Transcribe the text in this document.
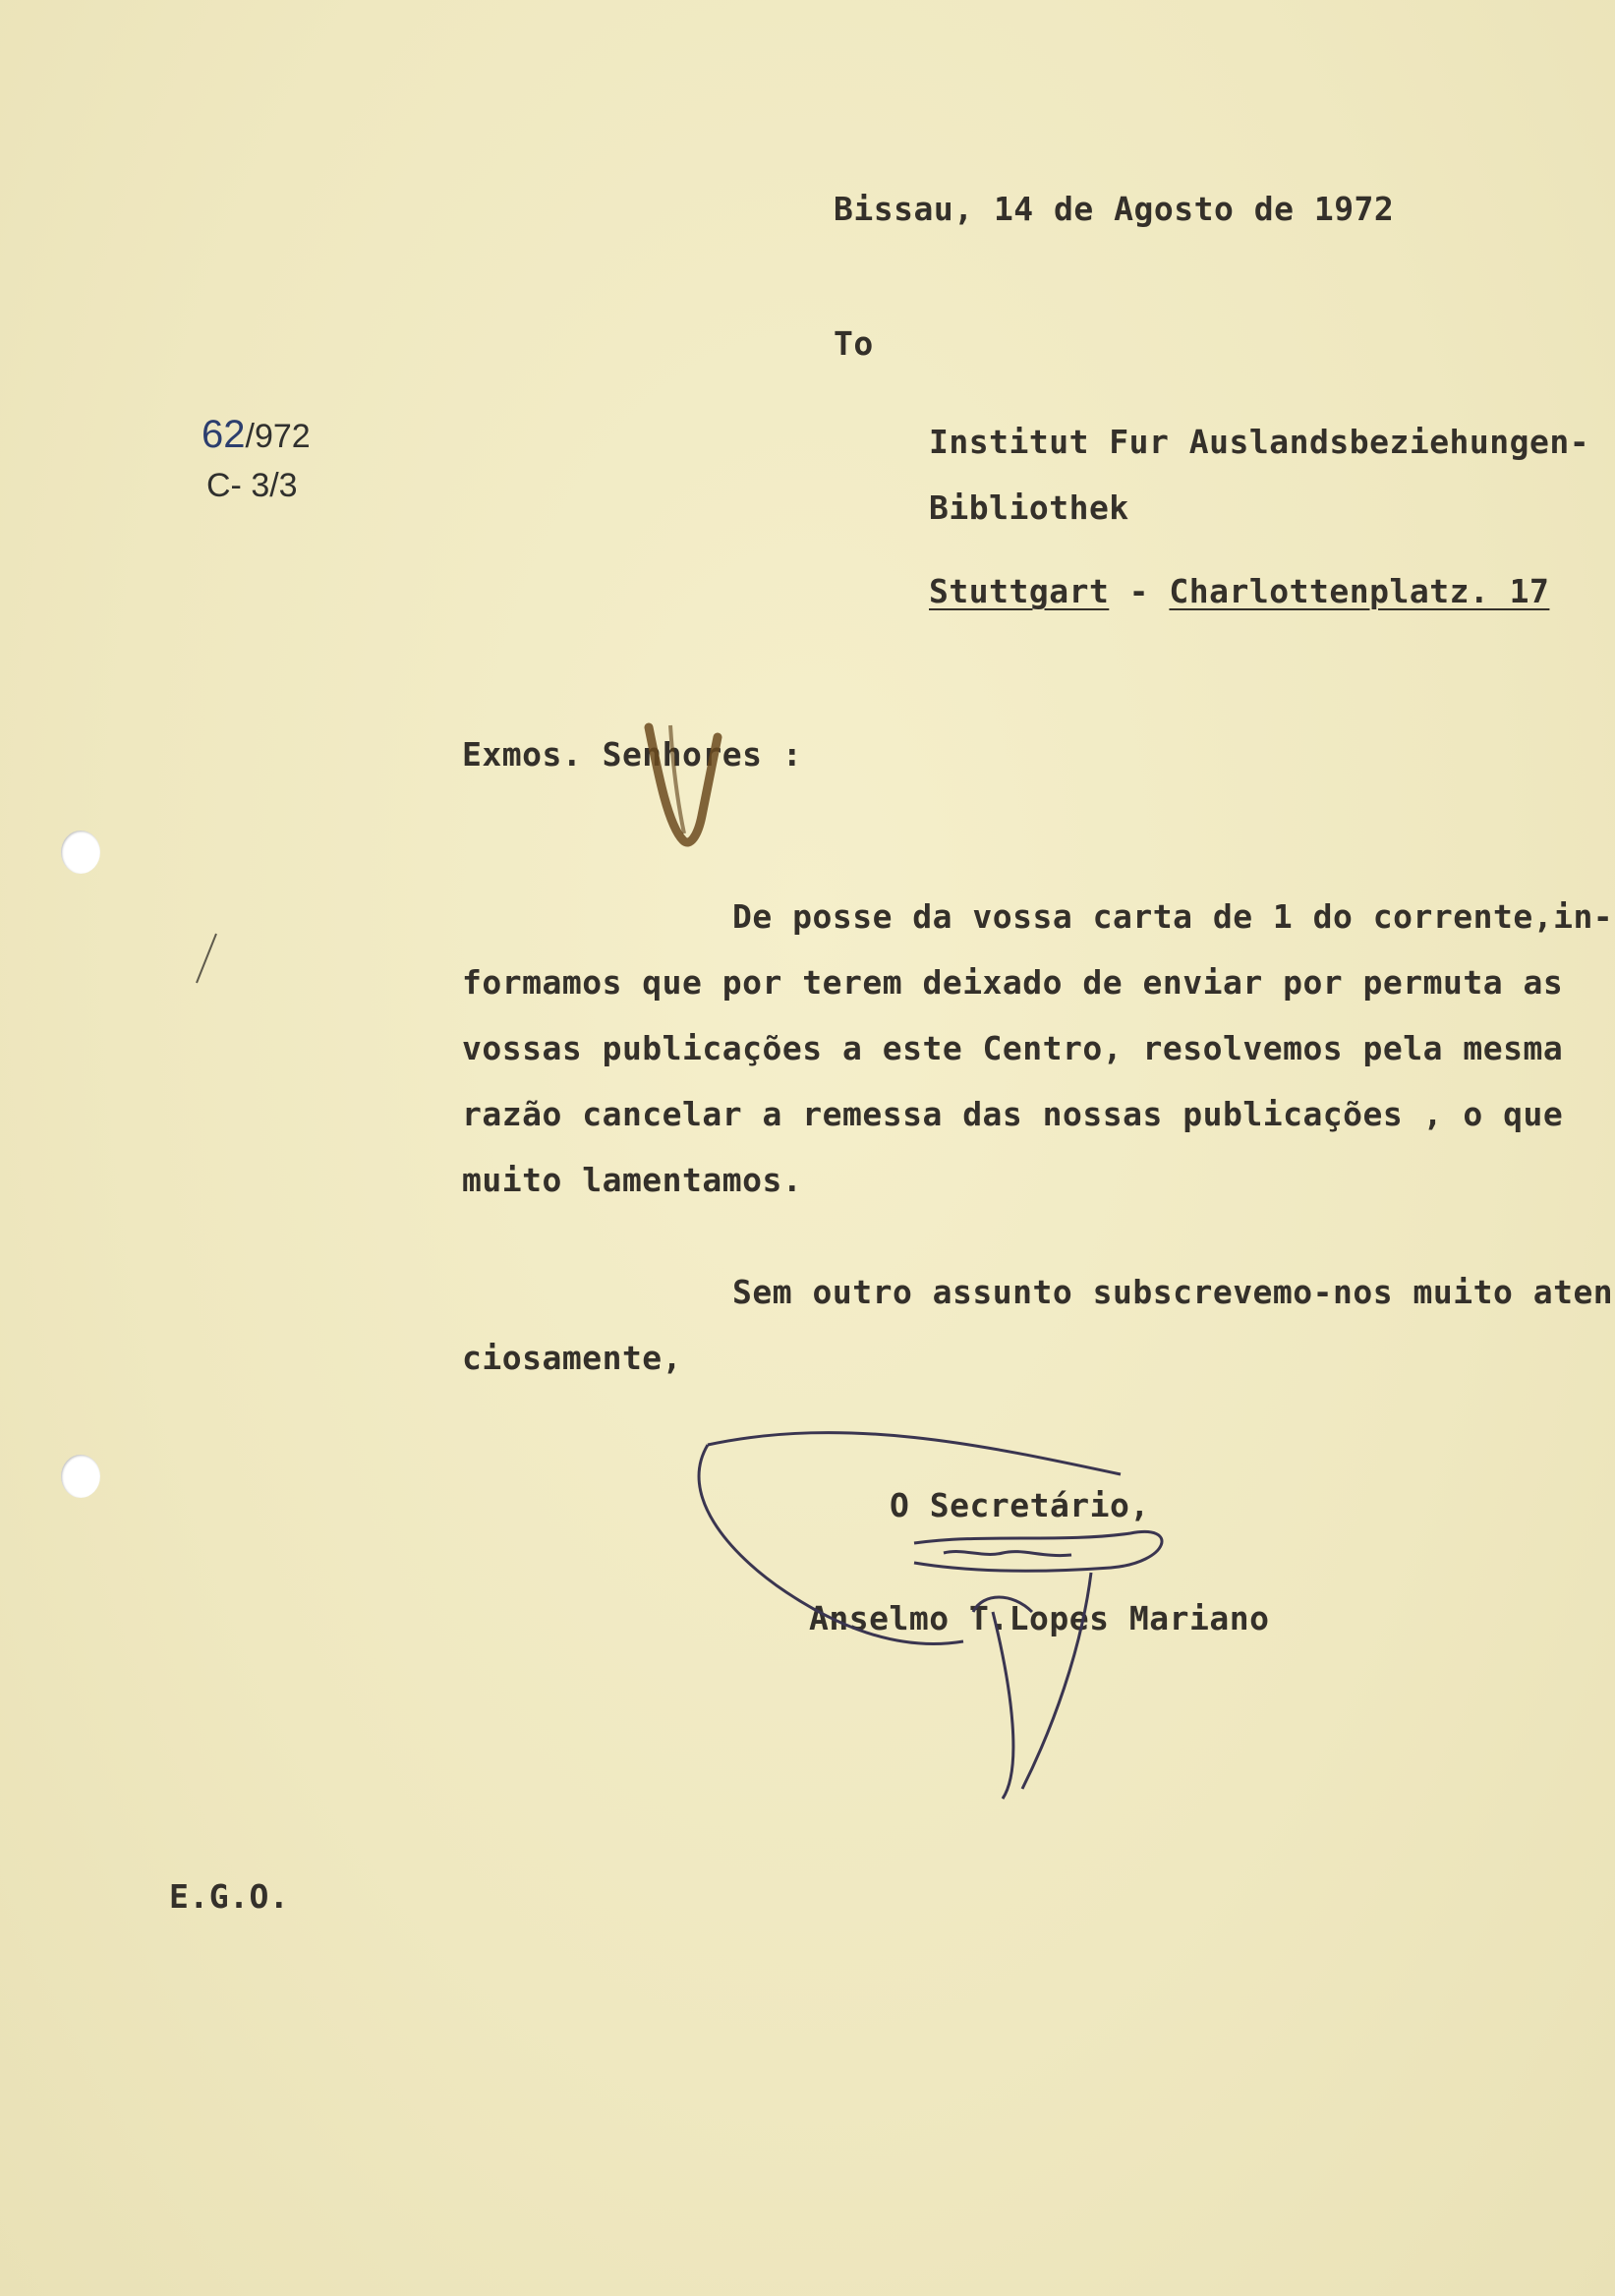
Bissau, 14 de Agosto de 1972
To
62/972
C- 3/3
Institut Fur Auslandsbeziehungen-
Bibliothek
Stuttgart - Charlottenplatz. 17
Exmos. Senhores :
De posse da vossa carta de 1 do corrente,in-
formamos que por terem deixado de enviar por permuta as
vossas publicações a este Centro, resolvemos pela mesma
razão cancelar a remessa das nossas publicações , o que
muito lamentamos.
Sem outro assunto subscrevemo-nos muito aten
ciosamente,
O Secretário,
Anselmo T.Lopes Mariano
E.G.O.
